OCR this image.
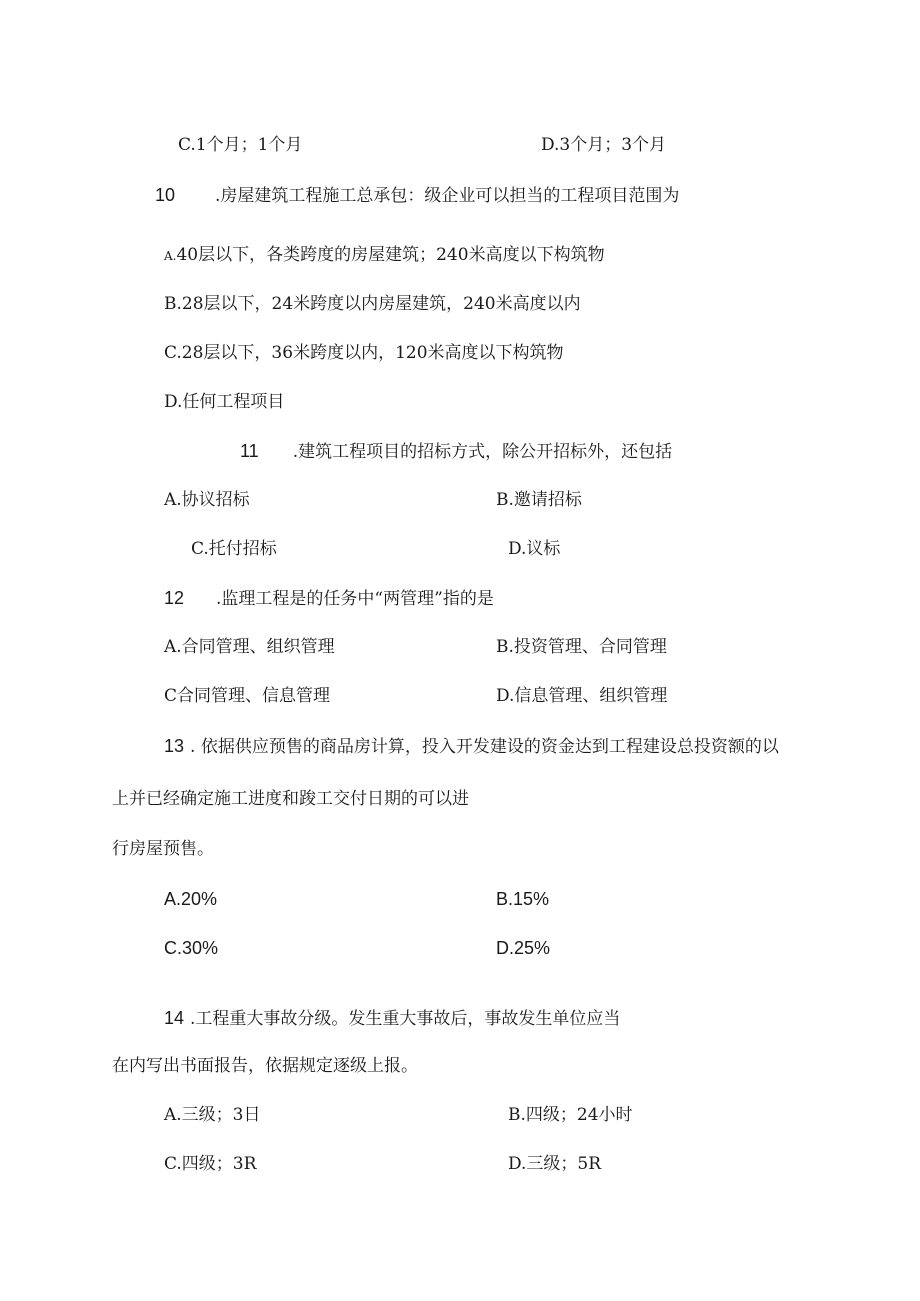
C.1个月；1个月	D.3个月；3个月
10 .房屋建筑工程施工总承包：级企业可以担当的工程项目范围为
A.40层以下，各类跨度的房屋建筑；240米高度以下构筑物
B.28层以下，24米跨度以内房屋建筑，240米高度以内
C.28层以下，36米跨度以内，120米高度以下构筑物
D.任何工程项目
11 .建筑工程项目的招标方式，除公开招标外，还包括
A.协议招标	B.邀请招标
C.托付招标	D.议标
12 .监理工程是的任务中“两管理”指的是
A.合同管理、组织管理	B.投资管理、合同管理
C合同管理、信息管理	D.信息管理、组织管理
13 . 依据供应预售的商品房计算，投入开发建设的资金达到工程建设总投资额的以
上并已经确定施工进度和踆工交付日期的可以进
行房屋预售。
A.20%	B.15%
C.30%	D.25%
14 .工程重大事故分级。发生重大事故后，事故发生单位应当
在内写出书面报告，依据规定逐级上报。
A.三级；3日	B.四级；24小时
C.四级；3R	D.三级；5R
